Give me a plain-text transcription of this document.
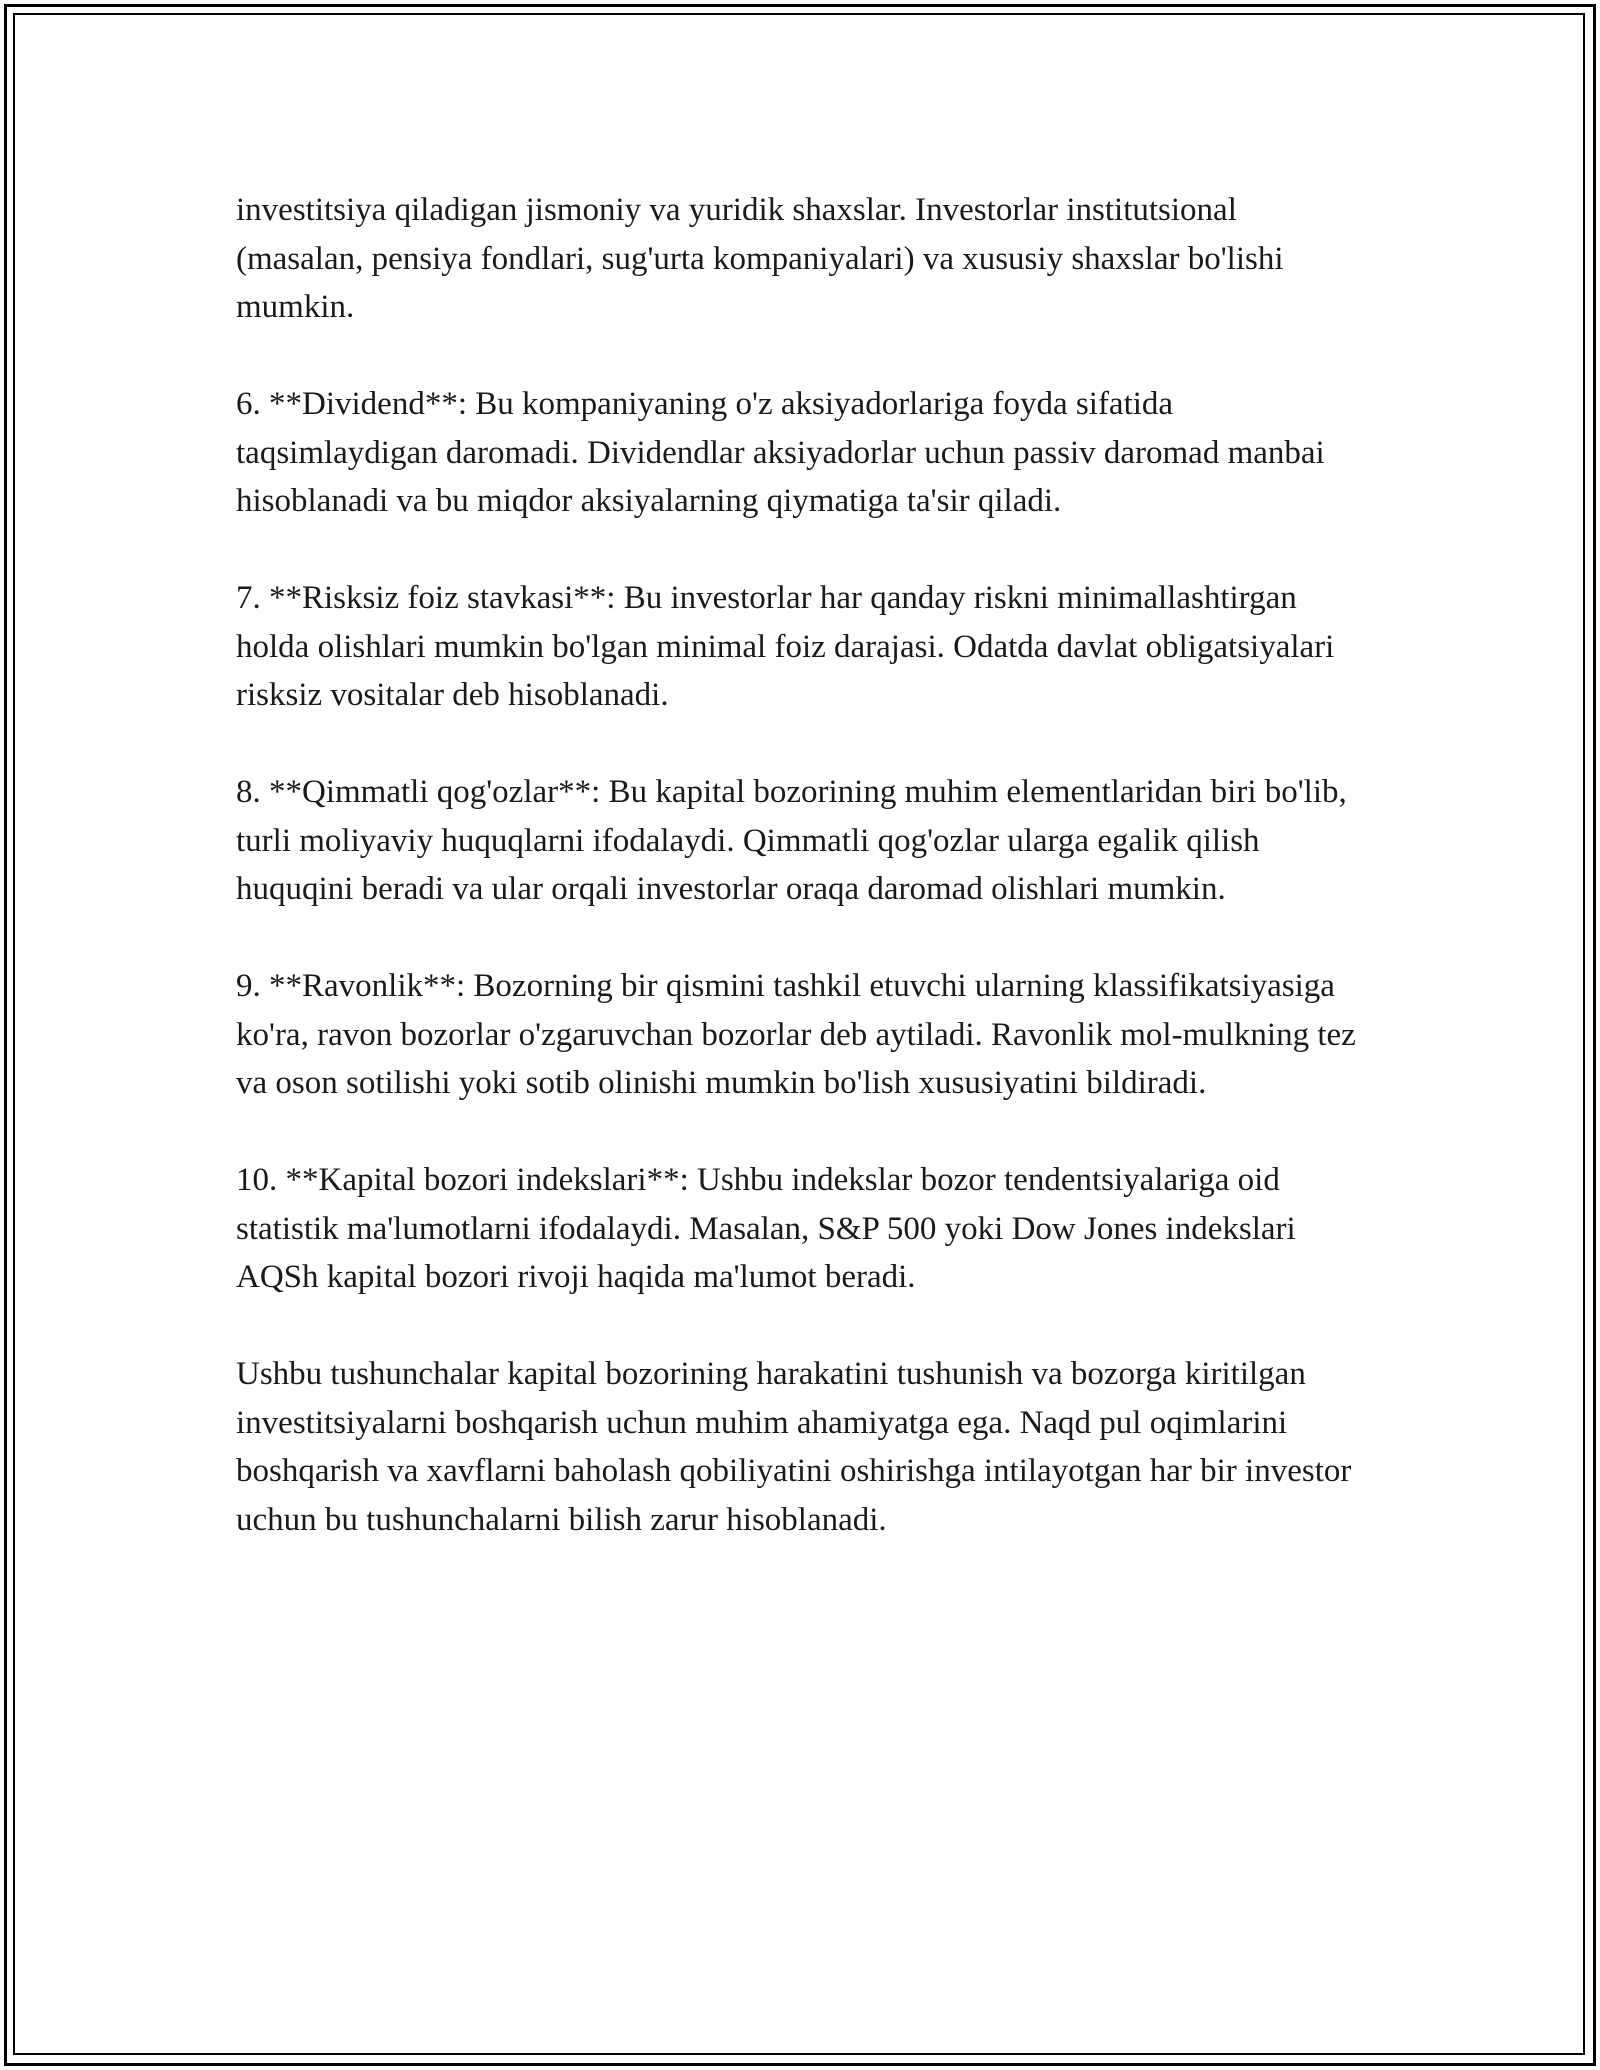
investitsiya qiladigan jismoniy va yuridik shaxslar. Investorlar institutsional (masalan, pensiya fondlari, sug'urta kompaniyalari) va xususiy shaxslar bo'lishi mumkin.

6. **Dividend**: Bu kompaniyaning o'z aksiyadorlariga foyda sifatida taqsimlaydigan daromadi. Dividendlar aksiyadorlar uchun passiv daromad manbai hisoblanadi va bu miqdor aksiyalarning qiymatiga ta'sir qiladi.

7. **Risksiz foiz stavkasi**: Bu investorlar har qanday riskni minimallashtirgan holda olishlari mumkin bo'lgan minimal foiz darajasi. Odatda davlat obligatsiyalari risksiz vositalar deb hisoblanadi.

8. **Qimmatli qog'ozlar**: Bu kapital bozorining muhim elementlaridan biri bo'lib, turli moliyaviy huquqlarni ifodalaydi. Qimmatli qog'ozlar ularga egalik qilish huquqini beradi va ular orqali investorlar oraqa daromad olishlari mumkin.

9. **Ravonlik**: Bozorning bir qismini tashkil etuvchi ularning klassifikatsiyasiga ko'ra, ravon bozorlar o'zgaruvchan bozorlar deb aytiladi. Ravonlik mol-mulkning tez va oson sotilishi yoki sotib olinishi mumkin bo'lish xususiyatini bildiradi.

10. **Kapital bozori indekslari**: Ushbu indekslar bozor tendentsiyalariga oid statistik ma'lumotlarni ifodalaydi. Masalan, S&P 500 yoki Dow Jones indekslari AQSh kapital bozori rivoji haqida ma'lumot beradi.

Ushbu tushunchalar kapital bozorining harakatini tushunish va bozorga kiritilgan investitsiyalarni boshqarish uchun muhim ahamiyatga ega. Naqd pul oqimlarini boshqarish va xavflarni baholash qobiliyatini oshirishga intilayotgan har bir investor uchun bu tushunchalarni bilish zarur hisoblanadi.
